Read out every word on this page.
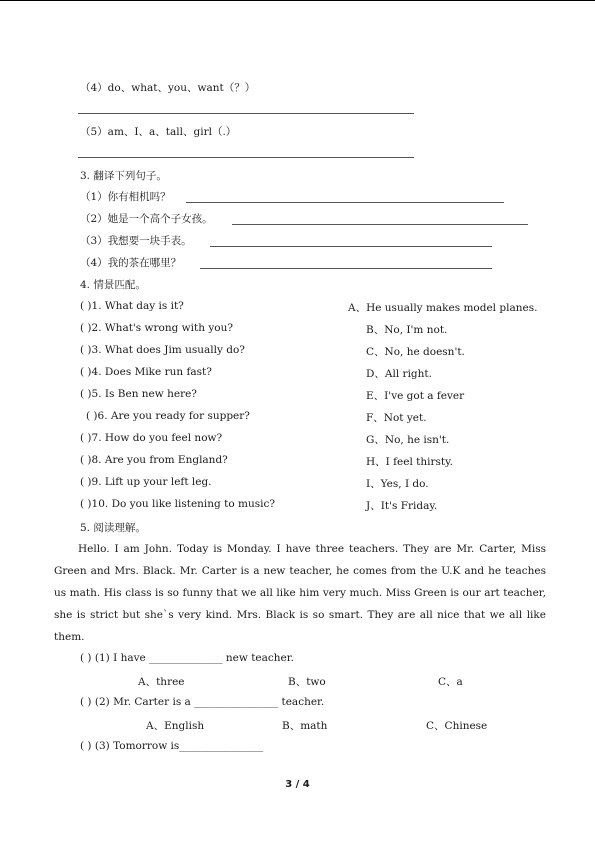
（4）do、what、you、want（？）
（5）am、I、a、tall、girl（.）
3. 翻译下列句子。
（1）你有相机吗？
（2）她是一个高个子女孩。
（3）我想要一块手表。
（4）我的茶在哪里？
4. 情景匹配。
( )1. What day is it?
( )2. What's wrong with you?
( )3. What does Jim usually do?
( )4. Does Mike run fast?
( )5. Is Ben new here?
( )6. Are you ready for supper?
( )7. How do you feel now?
( )8. Are you from England?
( )9. Lift up your left leg.
( )10. Do you like listening to music?
A、He usually makes model planes.
B、No, I'm not.
C、No, he doesn't.
D、All right.
E、I've got a fever
F、Not yet.
G、No, he isn't.
H、I feel thirsty.
I、Yes, I do.
J、It's Friday.
5. 阅读理解。
Hello. I am John. Today is Monday. I have three teachers. They are Mr. Carter, Miss Green and Mrs. Black. Mr. Carter is a new teacher, he comes from the U.K and he teaches us math. His class is so funny that we all like him very much. Miss Green is our art teacher, she is strict but she`s very kind. Mrs. Black is so smart. They are all nice that we all like them.
( ) (1) I have ______________ new teacher.
A、three	B、two	C、a
( ) (2) Mr. Carter is a ________________ teacher.
A、English	B、math	C、Chinese
( ) (3) Tomorrow is________________
3 / 4
